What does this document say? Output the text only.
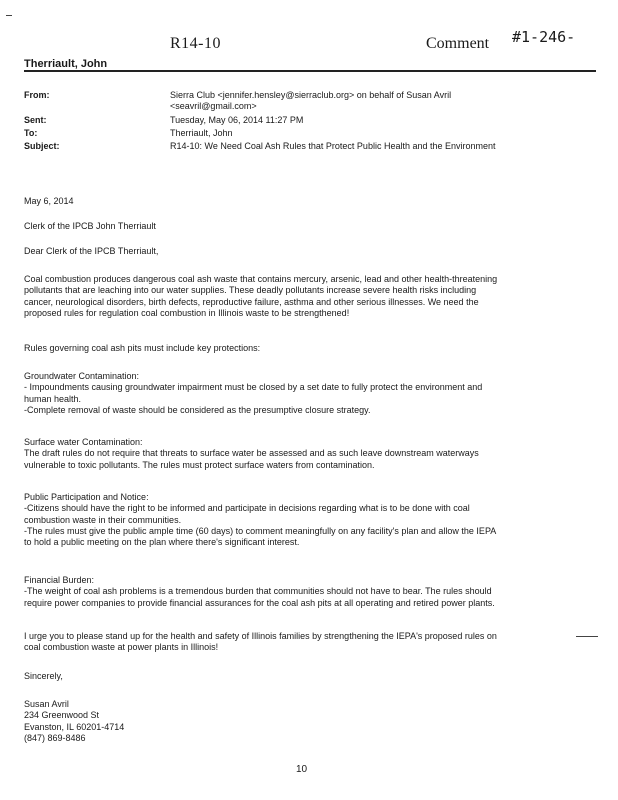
R14-10	Comment #1-246-
Therriault, John
From:	Sierra Club <jennifer.hensley@sierraclub.org> on behalf of Susan Avril
<seavril@gmail.com>
Sent:	Tuesday, May 06, 2014 11:27 PM
To:	Therriault, John
Subject:	R14-10: We Need Coal Ash Rules that Protect Public Health and the Environment
May 6, 2014
Clerk of the IPCB John Therriault
Dear Clerk of the IPCB Therriault,

Coal combustion produces dangerous coal ash waste that contains mercury, arsenic, lead and other health-threatening

pollutants that are leaching into our water supplies. These deadly pollutants increase severe health risks including

cancer, neurological disorders, birth defects, reproductive failure, asthma and other serious illnesses. We need the

proposed rules for regulation coal combustion in Illinois waste to be strengthened!

Rules governing coal ash pits must include key protections:

Groundwater Contamination:

- Impoundments causing groundwater impairment must be closed by a set date to fully protect the environment and

human health.

-Complete removal of waste should be considered as the presumptive closure strategy.

Surface water Contamination:

The draft rules do not require that threats to surface water be assessed and as such leave downstream waterways

vulnerable to toxic pollutants. The rules must protect surface waters from contamination.

Public Participation and Notice:

-Citizens should have the right to be informed and participate in decisions regarding what is to be done with coal

combustion waste in their communities.

-The rules must give the public ample time (60 days) to comment meaningfully on any facility's plan and allow the IEPA

to hold a public meeting on the plan where there's significant interest.

Financial Burden:

-The weight of coal ash problems is a tremendous burden that communities should not have to bear. The rules should

require power companies to provide financial assurances for the coal ash pits at all operating and retired power plants.

I urge you to please stand up for the health and safety of Illinois families by strengthening the IEPA's proposed rules on

coal combustion waste at power plants in Illinois!

Sincerely,

Susan Avril

234 Greenwood St

Evanston, IL 60201-4714

(847) 869-8486

10
